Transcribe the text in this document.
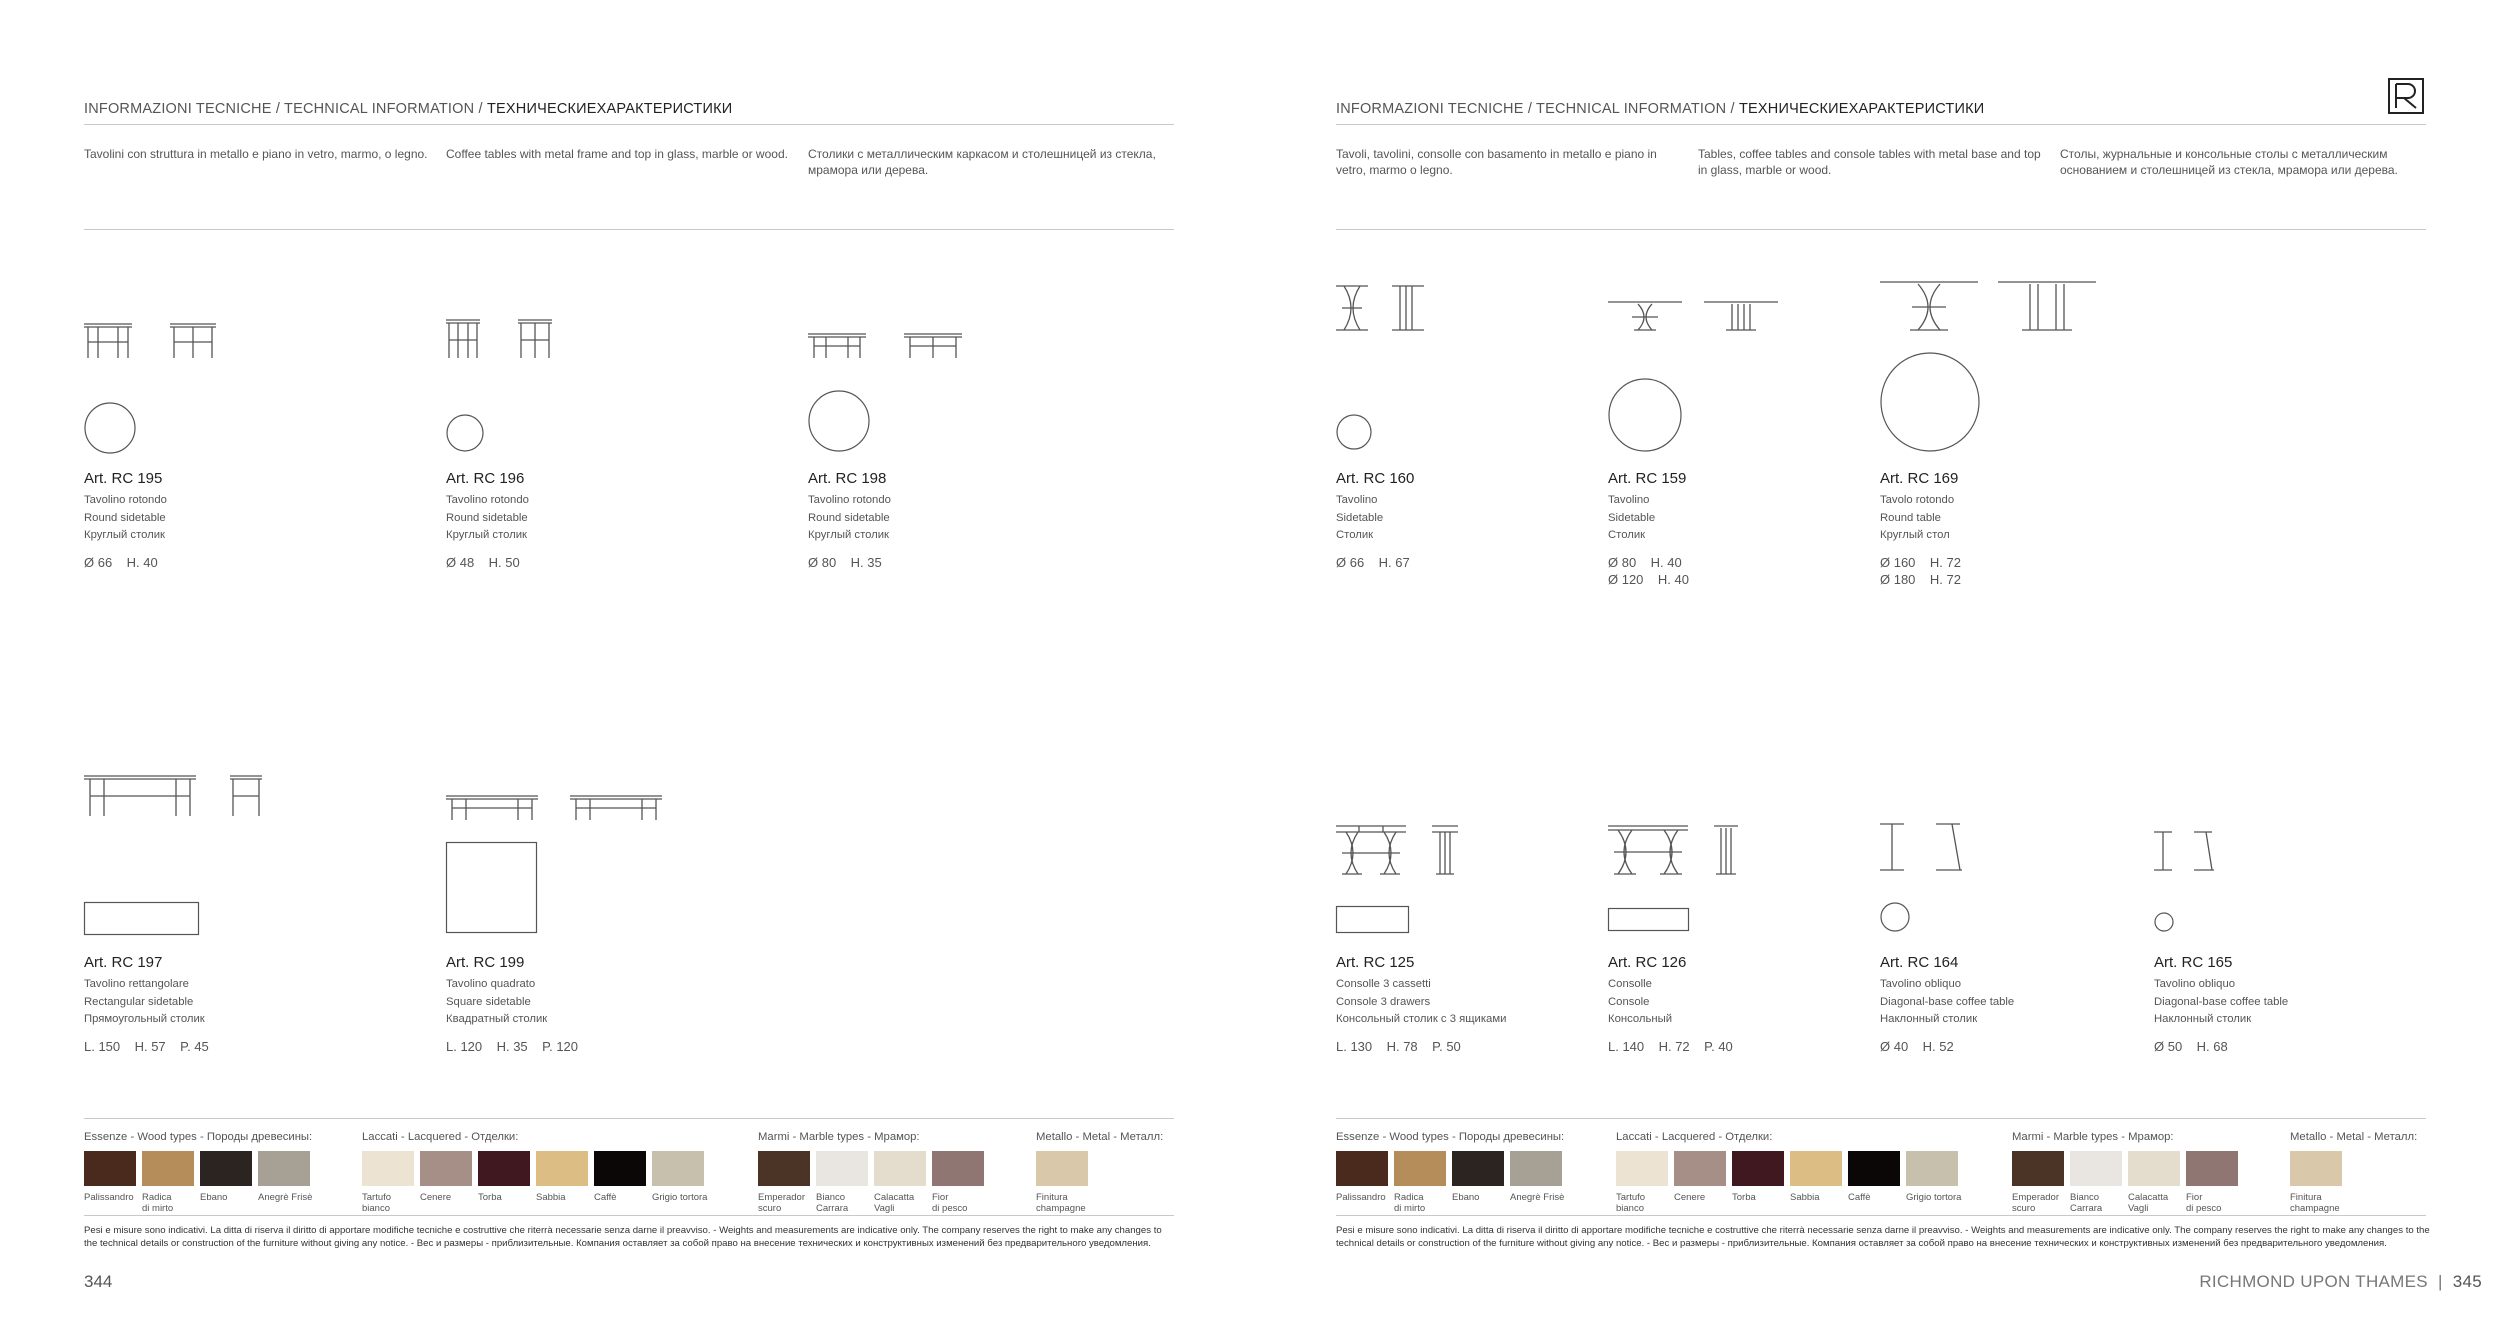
INFORMAZIONI TECNICHE / TECHNICAL INFORMATION / ТЕХНИЧЕСКИЕХАРАКТЕРИСТИКИ
Tavolini con struttura in metallo e piano in vetro, marmo, o legno.	Coffee tables with metal frame and top in glass, marble or wood.	Столики с металлическим каркасом и столешницей из стекла, мрамора или дерева.
Art. RC 195
Tavolino rotondo
Round sidetable
Круглый столик
Ø 66    H. 40
Art. RC 196
Tavolino rotondo
Round sidetable
Круглый столик
Ø 48    H. 50
Art. RC 198
Tavolino rotondo
Round sidetable
Круглый столик
Ø 80    H. 35
Art. RC 197
Tavolino rettangolare
Rectangular sidetable
Прямоугольный столик
L. 150    H. 57    P. 45
Art. RC 199
Tavolino quadrato
Square sidetable
Квадратный столик
L. 120    H. 35    P. 120
Essenze - Wood types - Породы древесины:	Laccati - Lacquered - Отделки:	Marmi - Marble types - Мрамор:	Metallo - Metal - Металл:
Pesi e misure sono indicativi. La ditta di riserva il diritto di apportare modifiche tecniche e costruttive che riterrà necessarie senza darne il preavviso. - Weights and measurements are indicative only. The company reserves the right to make any changes to the technical details or construction of the furniture without giving any notice. - Вес и размеры - приблизительные. Компания оставляет за собой право на внесение технических и конструктивных изменений без предварительного уведомления.
344
Palissandro Radica
di mirto
Ebano	Anegrè Frisè	Tartufo
bianco
Cenere	Torba	Sabbia	Caffè	Grigio tortora	Emperador
scuro
Bianco
Carrara
Calacatta
Vagli
Fior
di pesco
Finitura
champagne
INFORMAZIONI TECNICHE / TECHNICAL INFORMATION / ТЕХНИЧЕСКИЕХАРАКТЕРИСТИКИ
Tavoli, tavolini, consolle con basamento in metallo e piano in vetro, marmo o legno.
Tables, coffee tables and console tables with metal base and top in glass, marble or wood.
Столы, журнальные и консольные столы с металлическим основанием и столешницей из стекла, мрамора или дерева.
Art. RC 160
Tavolino
Sidetable
Столик
Ø 66    H. 67
Art. RC 159
Tavolino
Sidetable
Столик
Ø 80    H. 40
Ø 120    H. 40
Art. RC 169
Tavolo rotondo
Round table
Круглый стол
Ø 160    H. 72
Ø 180    H. 72
Art. RC 125
Consolle 3 cassetti
Console 3 drawers
Консольный столик с 3 ящиками
L. 130    H. 78    P. 50
Art. RC 126
Consolle
Console
Консольный
L. 140    H. 72    P. 40
Art. RC 164
Tavolino obliquo
Diagonal-base coffee table
Наклонный столик
Ø 40    H. 52
Art. RC 165
Tavolino obliquo
Diagonal-base coffee table
Наклонный столик
Ø 50    H. 68
Essenze - Wood types - Породы древесины:	Laccati - Lacquered - Отделки:	Marmi - Marble types - Мрамор:	Metallo - Metal - Металл:
Pesi e misure sono indicativi. La ditta di riserva il diritto di apportare modifiche tecniche e costruttive che riterrà necessarie senza darne il preavviso. - Weights and measurements are indicative only. The company reserves the right to make any changes to the technical details or construction of the furniture without giving any notice. - Вес и размеры - приблизительные. Компания оставляет за собой право на внесение технических и конструктивных изменений без предварительного уведомления.
RICHMOND UPON THAMES  |  345
Palissandro Radica
di mirto
Ebano	Anegrè Frisè	Tartufo
bianco
Cenere	Torba	Sabbia	Caffè	Grigio tortora	Emperador
scuro
Bianco
Carrara
Calacatta
Vagli
Fior
di pesco
Finitura
champagne
